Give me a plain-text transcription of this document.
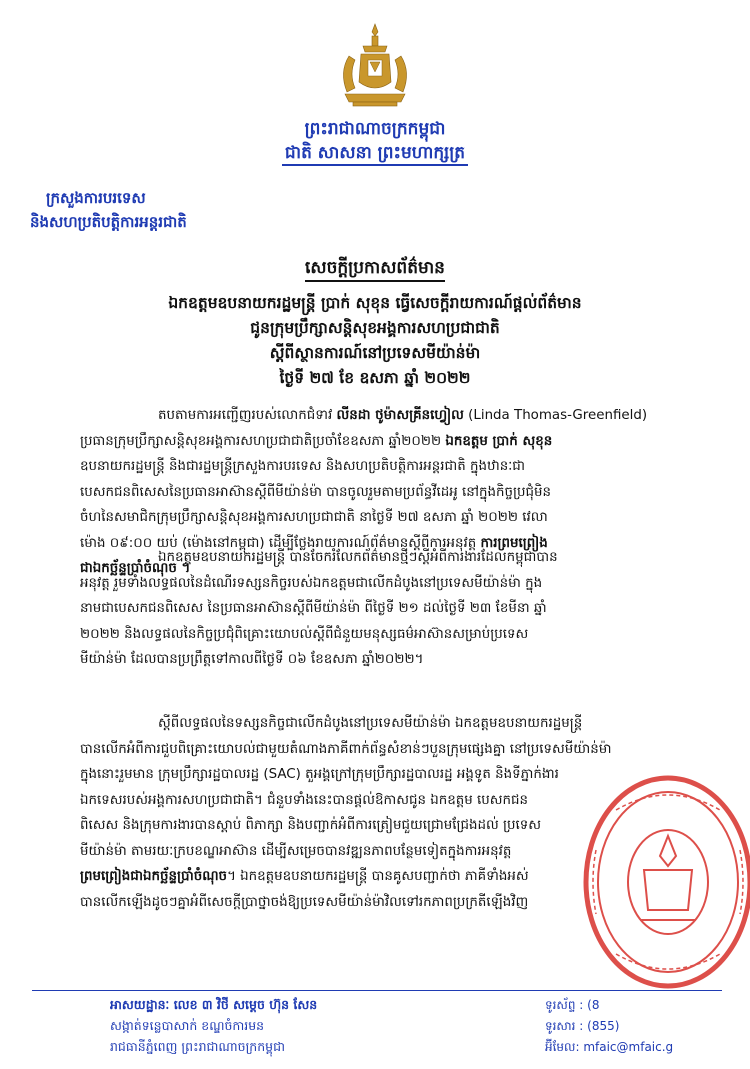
ព្រះរាជាណាចក្រកម្ពុជា
ជាតិ សាសនា ព្រះមហាក្សត្រ
ក្រសួងការបរទេស
និងសហប្រតិបត្តិការអន្តរជាតិ
សេចក្តីប្រកាសព័ត៌មាន
ឯកឧត្តមឧបនាយករដ្ឋមន្ត្រី ប្រាក់ សុខុន ធ្វើសេចក្តីរាយការណ៍ផ្តល់ព័ត៌មាន
ជូនក្រុមប្រឹក្សាសន្តិសុខអង្គការសហប្រជាជាតិ
ស្តីពីស្ថានការណ៍នៅប្រទេសមីយ៉ាន់ម៉ា
ថ្ងៃទី ២៧ ខែ ឧសភា ឆ្នាំ ២០២២
តបតាមការអញ្ជើញរបស់លោកជំទាវ លីនដា ថូម៉ាសគ្រីនហ្វៀល (Linda Thomas-Greenfield)
ប្រធានក្រុមប្រឹក្សាសន្តិសុខអង្គការសហប្រជាជាតិប្រចាំខែឧសភា ឆ្នាំ២០២២ ឯកឧត្តម ប្រាក់ សុខុន
ឧបនាយករដ្ឋមន្ត្រី និងជារដ្ឋមន្ត្រីក្រសួងការបរទេស និងសហប្រតិបត្តិការអន្តរជាតិ ក្នុងឋានៈជា
បេសកជនពិសេសនៃប្រធានអាស៊ានស្តីពីមីយ៉ាន់ម៉ា បានចូលរួមតាមប្រព័ន្ធវីដេអូ នៅក្នុងកិច្ចប្រជុំមិន
ចំហនៃសមាជិកក្រុមប្រឹក្សាសន្តិសុខអង្គការសហប្រជាជាតិ នាថ្ងៃទី ២៧ ឧសភា ឆ្នាំ ២០២២ វេលា
ម៉ោង ០៩:០០ យប់ (ម៉ោងនៅកម្ពុជា) ដើម្បីថ្លែងរាយការណ៍ព័ត៌មានស្តីពីការអនុវត្ត ការព្រមព្រៀង
ជាឯកច្ឆ័ន្ទប្រាំចំណុច ។
ឯកឧត្តមឧបនាយករដ្ឋមន្ត្រី បានចែករំលែកព័ត៌មានថ្មីៗស្តីអំពីការងារដែលកម្ពុជាបាន
អនុវត្ត រួមទាំងលទ្ធផលនៃដំណើរទស្សនកិច្ចរបស់ឯកឧត្តមជាលើកដំបូងនៅប្រទេសមីយ៉ាន់ម៉ា ក្នុង
នាមជាបេសកជនពិសេស នៃប្រធានអាស៊ានស្តីពីមីយ៉ាន់ម៉ា ពីថ្ងៃទី ២១ ដល់ថ្ងៃទី ២៣ ខែមីនា ឆ្នាំ
២០២២ និងលទ្ធផលនៃកិច្ចប្រជុំពិគ្រោះយោបល់ស្តីពីជំនួយមនុស្សធម៌អាស៊ានសម្រាប់ប្រទេស
មីយ៉ាន់ម៉ា ដែលបានប្រព្រឹត្តទៅកាលពីថ្ងៃទី ០៦ ខែឧសភា ឆ្នាំ២០២២។
ស្តីពីលទ្ធផលនៃទស្សនកិច្ចជាលើកដំបូងនៅប្រទេសមីយ៉ាន់ម៉ា ឯកឧត្តមឧបនាយករដ្ឋមន្ត្រី
បានលើកអំពីការជួបពិគ្រោះយោបល់ជាមួយតំណាងភាគីពាក់ព័ន្ធសំខាន់ៗបួនក្រុមផ្សេងគ្នា នៅប្រទេសមីយ៉ាន់ម៉ា
ក្នុងនោះរួមមាន ក្រុមប្រឹក្សារដ្ឋបាលរដ្ឋ (SAC) តួអង្គក្រៅក្រុមប្រឹក្សារដ្ឋបាលរដ្ឋ អង្គទូត និងទីភ្នាក់ងារ
ឯកទេសរបស់អង្គការសហប្រជាជាតិ។ ជំនួបទាំងនេះបានផ្តល់ឱកាសជូន ឯកឧត្តម បេសកជន
ពិសេស និងក្រុមការងារបានស្តាប់ ពិភាក្សា និងបញ្ជាក់អំពីការត្រៀមជួយជ្រោមជ្រែងដល់ ប្រទេស
មីយ៉ាន់ម៉ា តាមរយៈក្របខណ្ឌអាស៊ាន ដើម្បីសម្រេចបានវឌ្ឍនភាពបន្ថែមទៀតក្នុងការអនុវត្ត
ព្រមព្រៀងជាឯកច្ឆ័ន្ទប្រាំចំណុច។ ឯកឧត្តមឧបនាយករដ្ឋមន្ត្រី បានគូសបញ្ជាក់ថា ភាគីទាំងអស់
បានលើកឡើងដូចៗគ្នាអំពីសេចក្តីប្រាថ្នាចង់ឱ្យប្រទេសមីយ៉ាន់ម៉ាវិលទៅរកភាពប្រក្រតីឡើងវិញ
អាសយដ្ឋានៈ លេខ ៣ វិថី សម្តេច ហ៊ុន សែន
សង្កាត់ទន្លេបាសាក់ ខណ្ឌចំការមន
រាជធានីភ្នំពេញ ព្រះរាជាណាចក្រកម្ពុជា
ទូរស័ព្ទ : (8
ទូរសារ : (855)
អ៊ីមែល: mfaic@mfaic.g
